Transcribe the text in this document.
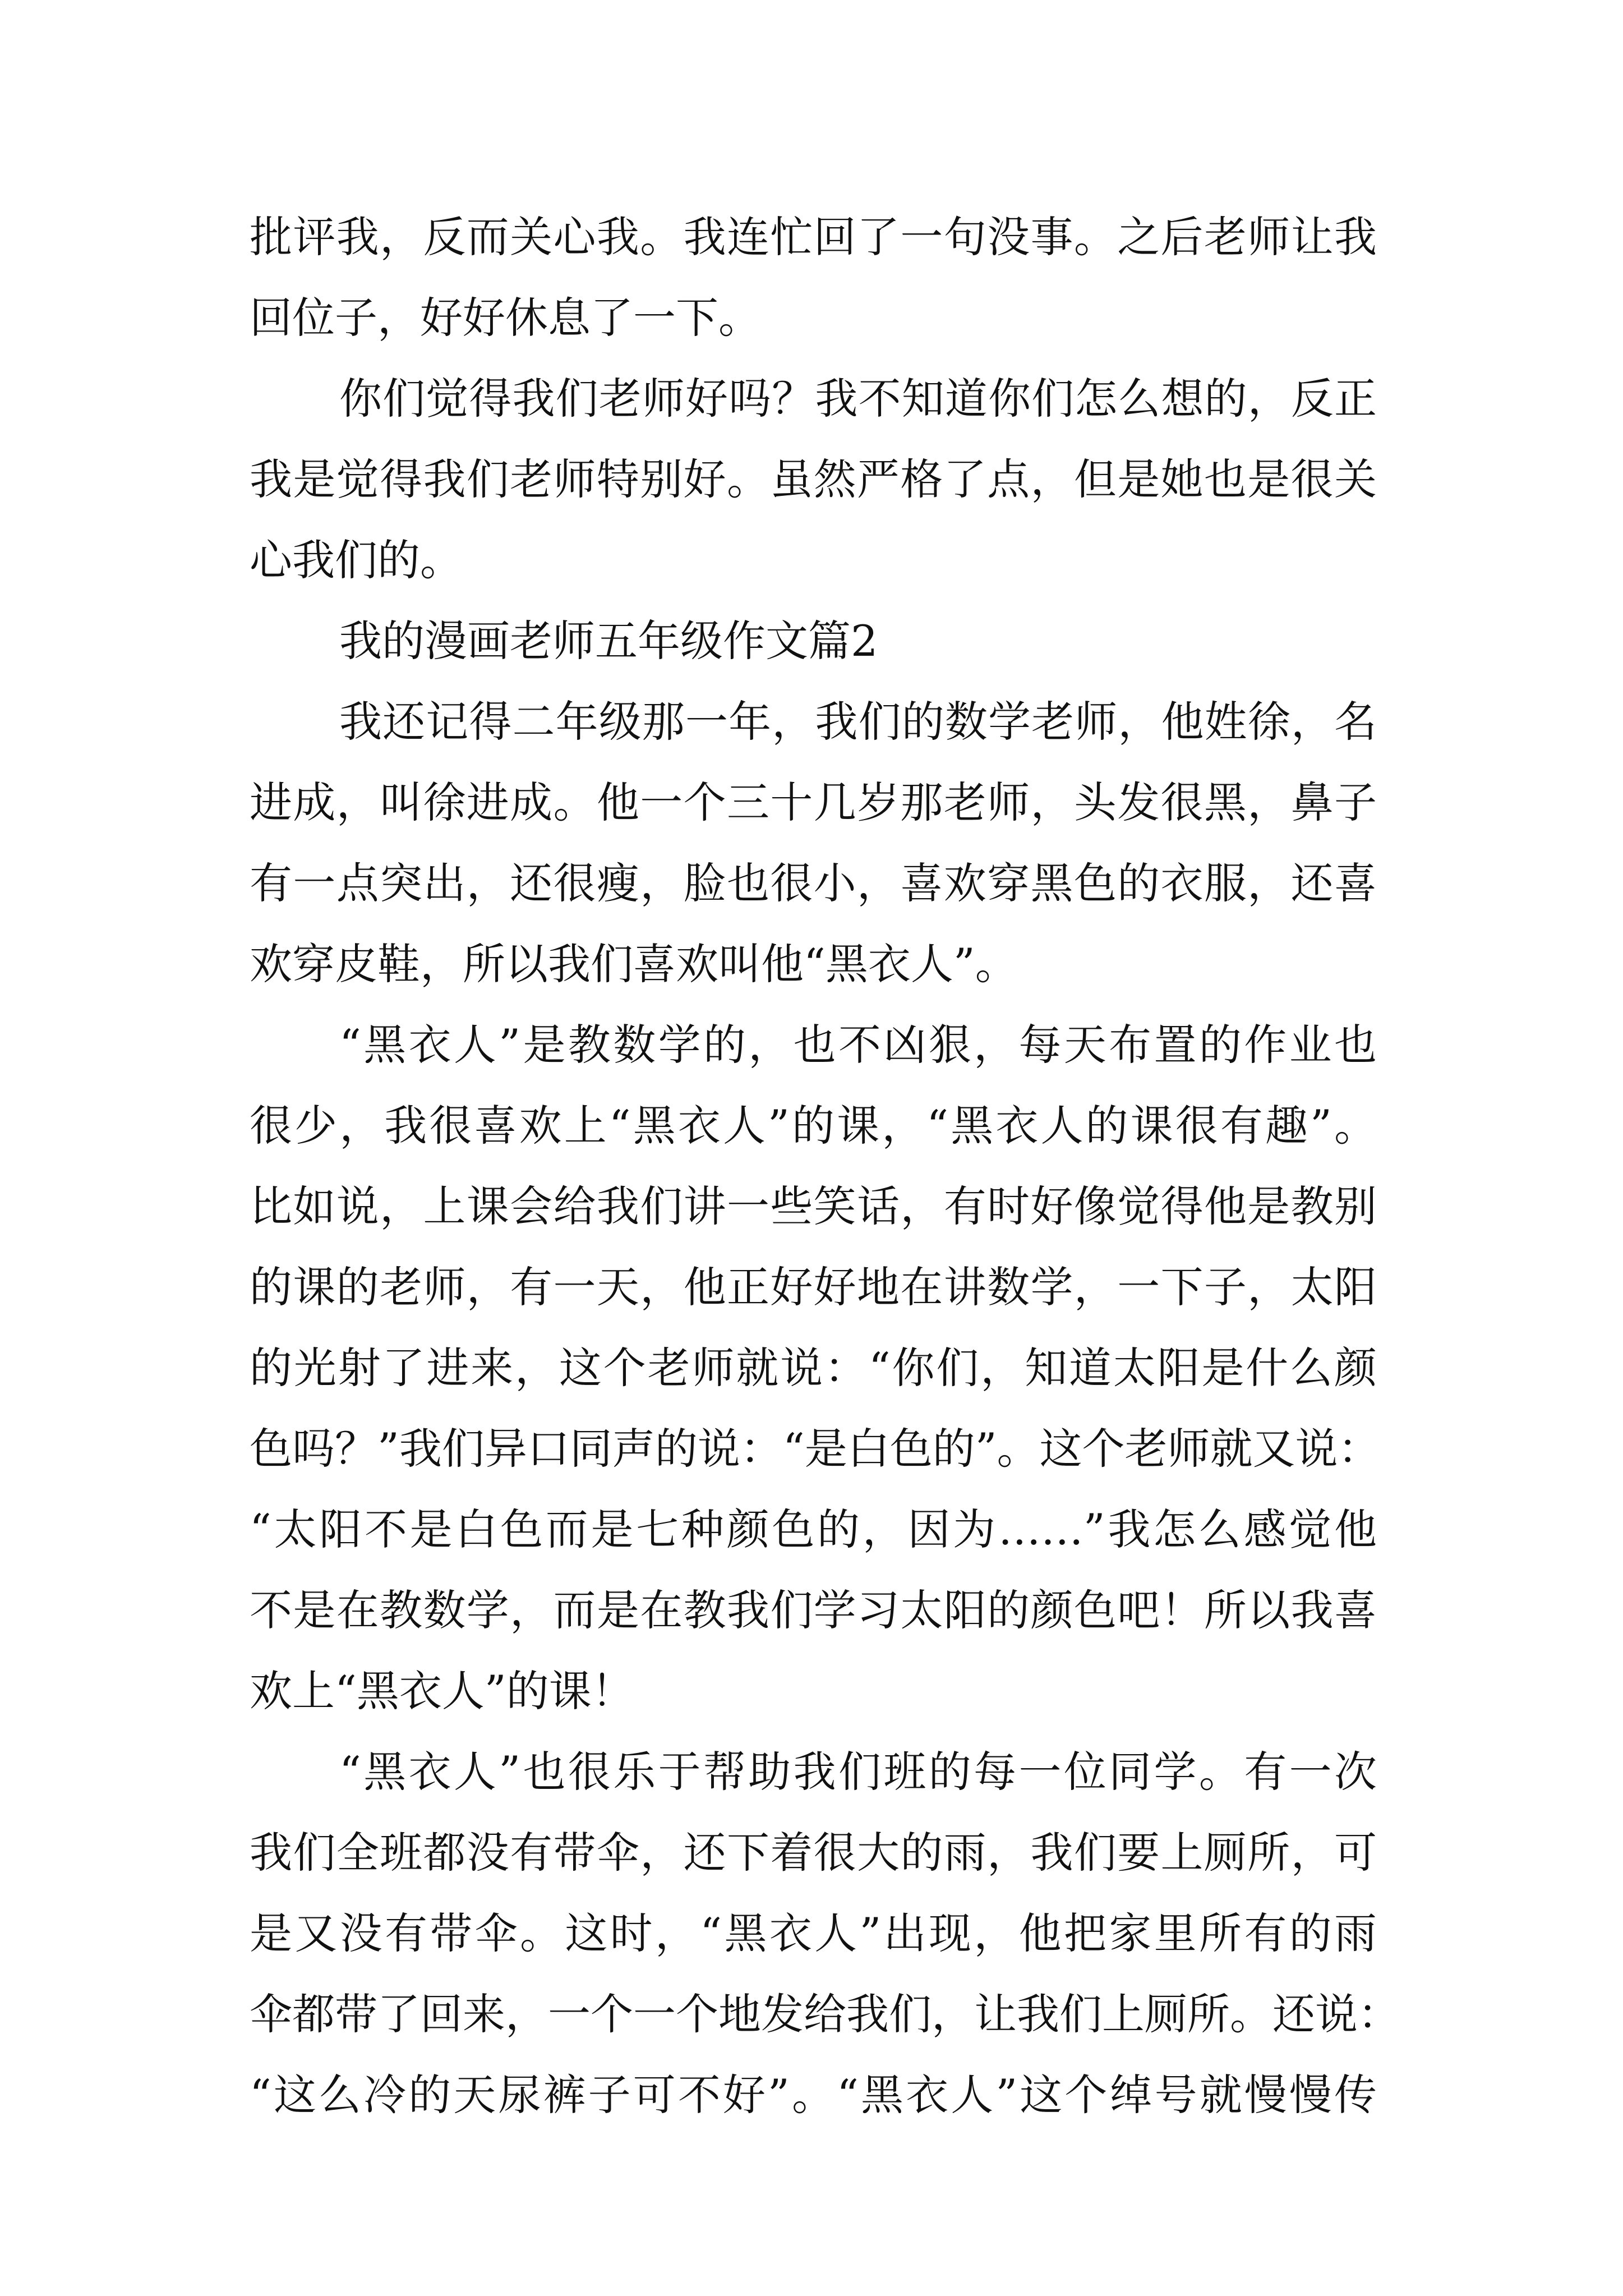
批评我，反而关心我。我连忙回了一句没事。之后老师让我
回位子，好好休息了一下。
你们觉得我们老师好吗？我不知道你们怎么想的，反正
我是觉得我们老师特别好。虽然严格了点，但是她也是很关
心我们的。
我的漫画老师五年级作文篇2
我还记得二年级那一年，我们的数学老师，他姓徐，名
进成，叫徐进成。他一个三十几岁那老师，头发很黑，鼻子
有一点突出，还很瘦，脸也很小，喜欢穿黑色的衣服，还喜
欢穿皮鞋，所以我们喜欢叫他“黑衣人”。
“黑衣人”是教数学的，也不凶狠，每天布置的作业也
很少，我很喜欢上“黑衣人”的课，“黑衣人的课很有趣”。
比如说，上课会给我们讲一些笑话，有时好像觉得他是教别
的课的老师，有一天，他正好好地在讲数学，一下子，太阳
的光射了进来，这个老师就说：“你们，知道太阳是什么颜
色吗？”我们异口同声的说：“是白色的”。这个老师就又说：
“太阳不是白色而是七种颜色的，因为……”我怎么感觉他
不是在教数学，而是在教我们学习太阳的颜色吧！所以我喜
欢上“黑衣人”的课！
“黑衣人”也很乐于帮助我们班的每一位同学。有一次
我们全班都没有带伞，还下着很大的雨，我们要上厕所，可
是又没有带伞。这时，“黑衣人”出现，他把家里所有的雨
伞都带了回来，一个一个地发给我们，让我们上厕所。还说：
“这么冷的天尿裤子可不好”。“黑衣人”这个绰号就慢慢传
